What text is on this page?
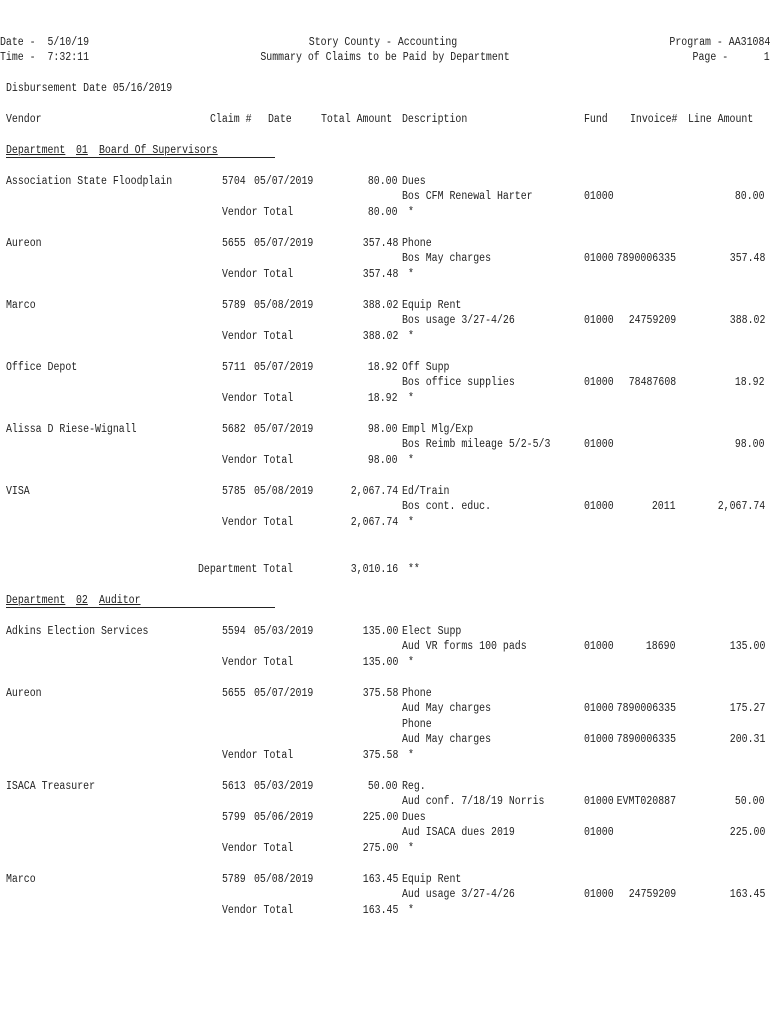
Date -  5/10/19
Time -  7:32:11
Story County - Accounting
Summary of Claims to be Paid by Department
Program - AA31084
Page -      1
Disbursement Date 05/16/2019
Vendor	Claim # Date	Total Amount Description	Fund Invoice# Line Amount
Department 01 Board Of Supervisors
Association State Floodplain	5704 05/07/2019	80.00 Dues
Bos CFM Renewal Harter	01000	80.00
Vendor Total	80.00 *
Aureon	5655 05/07/2019	357.48 Phone
Bos May charges	01000 7890006335	357.48
Vendor Total	357.48 *
Marco	5789 05/08/2019	388.02 Equip Rent
Bos usage 3/27-4/26	01000 24759209	388.02
Vendor Total	388.02 *
Office Depot	5711 05/07/2019	18.92 Off Supp
Bos office supplies	01000 78487608	18.92
Vendor Total	18.92 *
Alissa D Riese-Wignall	5682 05/07/2019	98.00 Empl Mlg/Exp
Bos Reimb mileage 5/2-5/3	01000	98.00
Vendor Total	98.00 *
VISA	5785 05/08/2019	2,067.74 Ed/Train
Bos cont. educ.	01000	2011	2,067.74
Vendor Total	2,067.74 *
Department Total	3,010.16 **
Department 02 Auditor
Adkins Election Services	5594 05/03/2019	135.00 Elect Supp
Aud VR forms 100 pads	01000	18690	135.00
Vendor Total	135.00 *
Aureon	5655 05/07/2019	375.58 Phone
Aud May charges	01000 7890006335	175.27
Phone
Aud May charges	01000 7890006335	200.31
Vendor Total	375.58 *
ISACA Treasurer	5613 05/03/2019	50.00 Reg.
Aud conf. 7/18/19 Norris	01000 EVMT020887	50.00
5799 05/06/2019	225.00 Dues
Aud ISACA dues 2019	01000	225.00
Vendor Total	275.00 *
Marco	5789 05/08/2019	163.45 Equip Rent
Aud usage 3/27-4/26	01000 24759209	163.45
Vendor Total	163.45 *
